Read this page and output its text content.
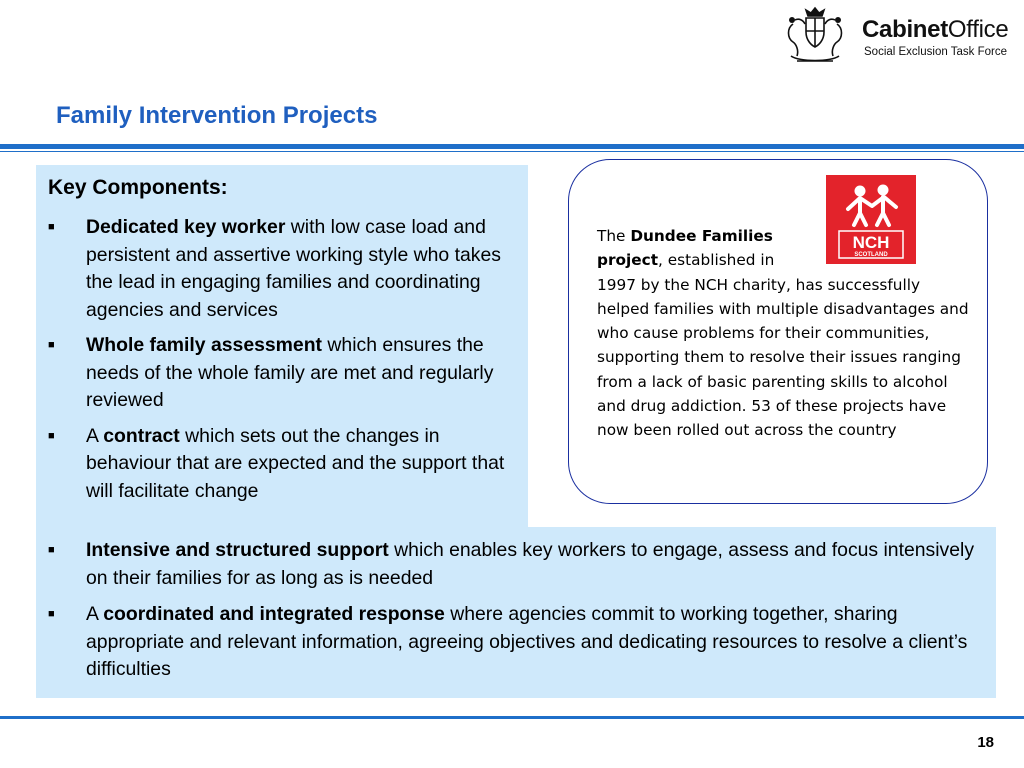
CabinetOffice
Social Exclusion Task Force
Family Intervention Projects
Key Components:
■ Dedicated key worker with low case load and persistent and assertive working style who takes the lead in engaging families and coordinating agencies and services
■ Whole family assessment which ensures the needs of the whole family are met and regularly reviewed
■ A contract which sets out the changes in behaviour that are expected and the support that will facilitate change
■ Intensive and structured support which enables key workers to engage, assess and focus intensively on their families for as long as is needed
■ A coordinated and integrated response where agencies commit to working together, sharing appropriate and relevant information, agreeing objectives and dedicating resources to resolve a client’s difficulties
NCH
SCOTLAND
The Dundee Families
project, established in
1997 by the NCH charity, has successfully helped families with multiple disadvantages and who cause problems for their communities, supporting them to resolve their issues ranging from a lack of basic parenting skills to alcohol and drug addiction. 53 of these projects have now been rolled out across the country
18
